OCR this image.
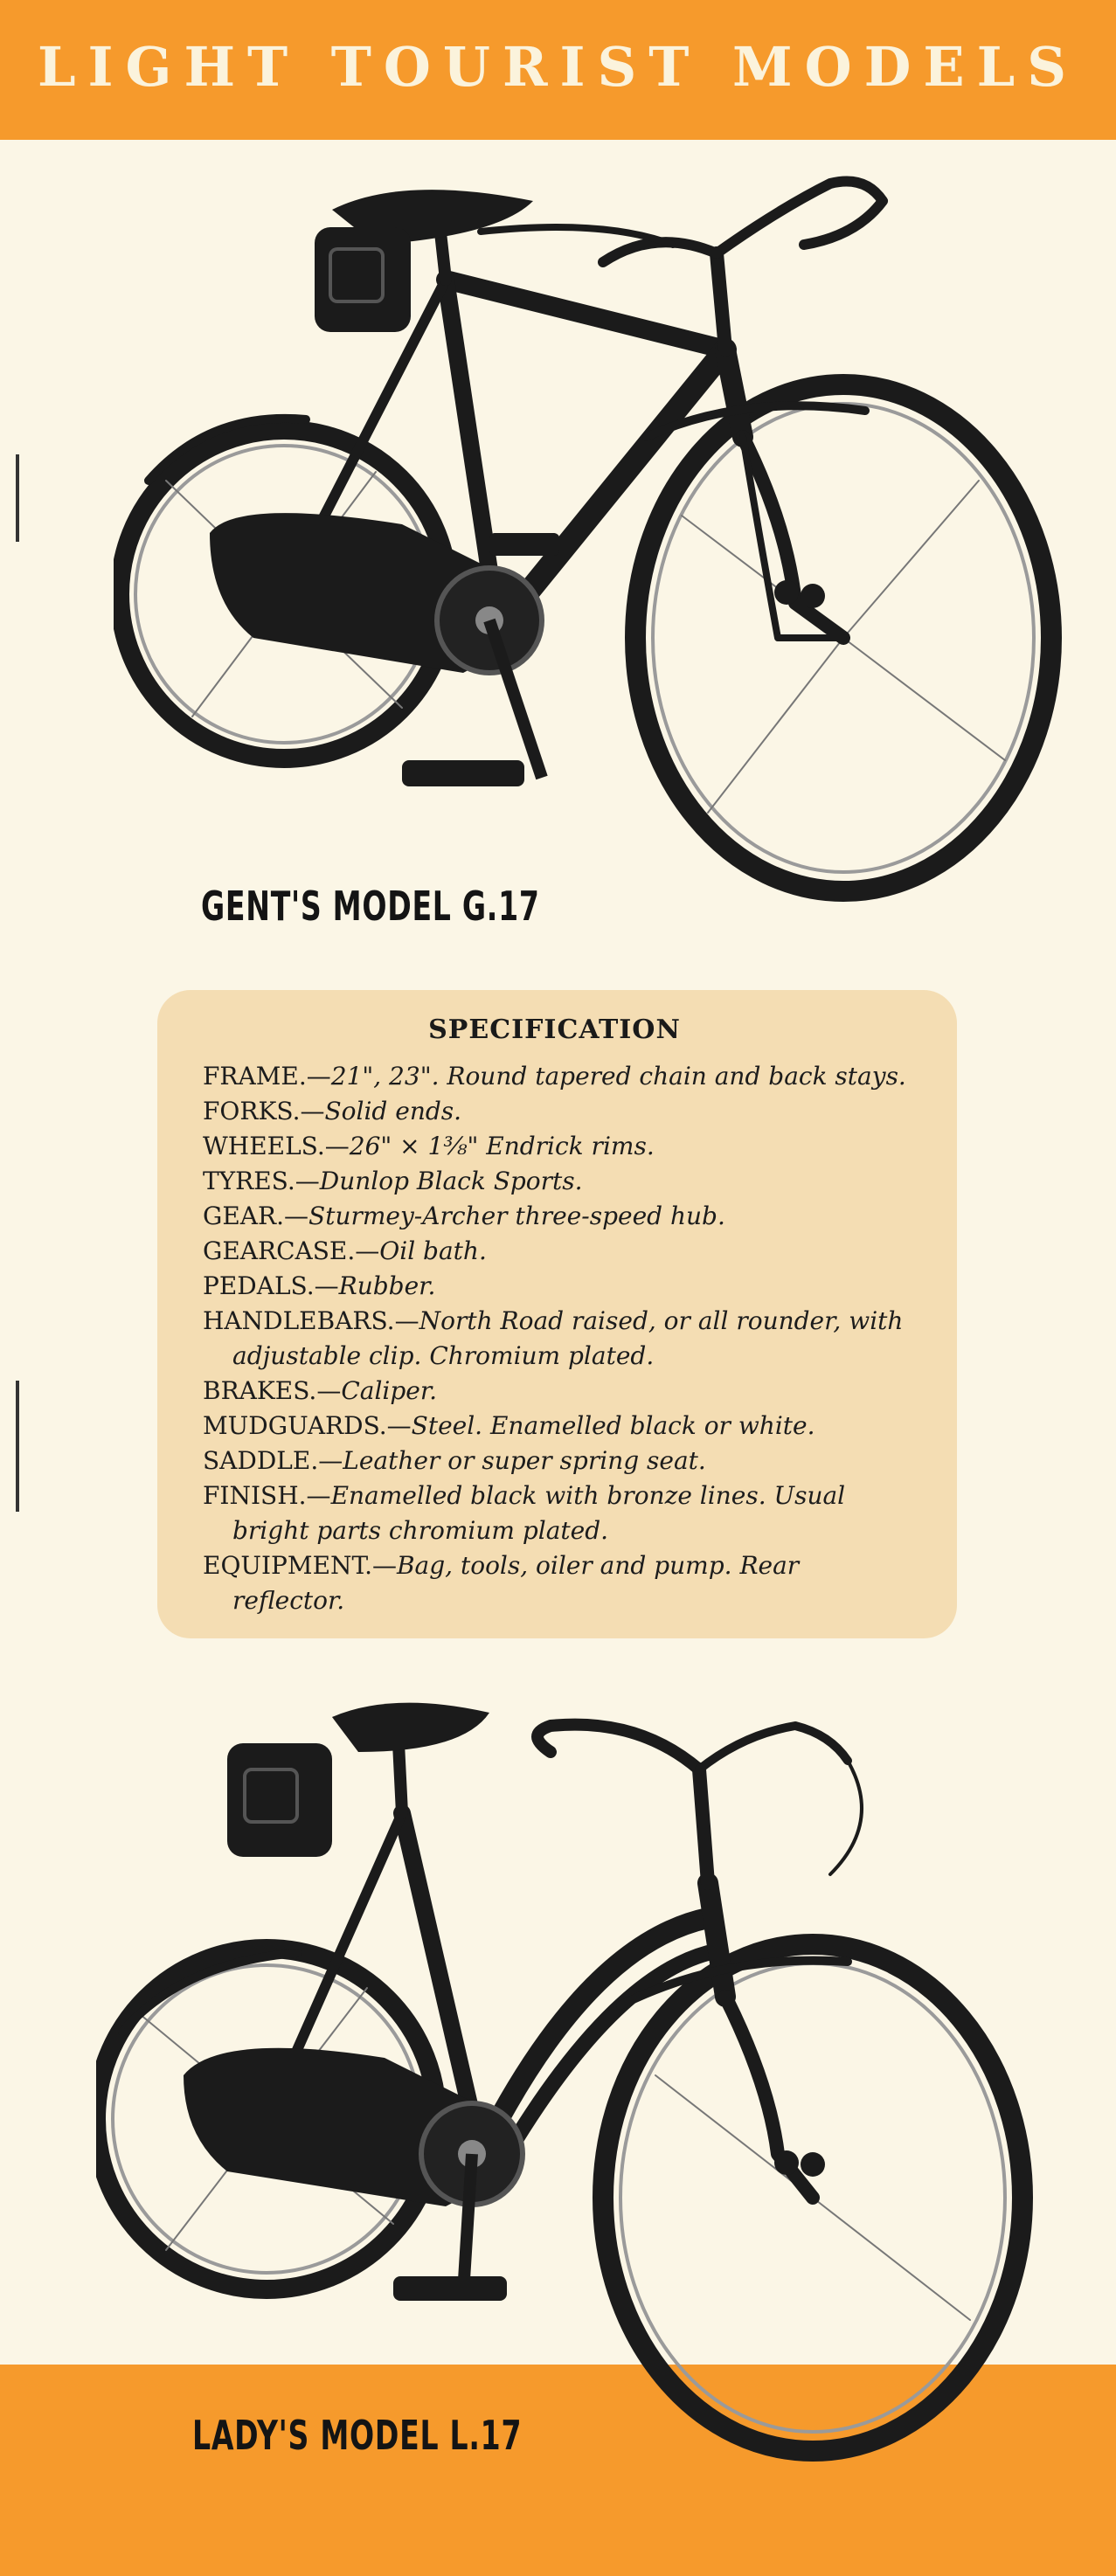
LIGHT TOURIST MODELS
GENT'S MODEL G.17
SPECIFICATION
FRAME.—21", 23". Round tapered chain and back stays.
FORKS.—Solid ends.
WHEELS.—26" × 1⅜" Endrick rims.
TYRES.—Dunlop Black Sports.
GEAR.—Sturmey-Archer three-speed hub.
GEARCASE.—Oil bath.
PEDALS.—Rubber.
HANDLEBARS.—North Road raised, or all rounder, with adjustable clip. Chromium plated.
BRAKES.—Caliper.
MUDGUARDS.—Steel. Enamelled black or white.
SADDLE.—Leather or super spring seat.
FINISH.—Enamelled black with bronze lines. Usual bright parts chromium plated.
EQUIPMENT.—Bag, tools, oiler and pump. Rear reflector.
LADY'S MODEL L.17
